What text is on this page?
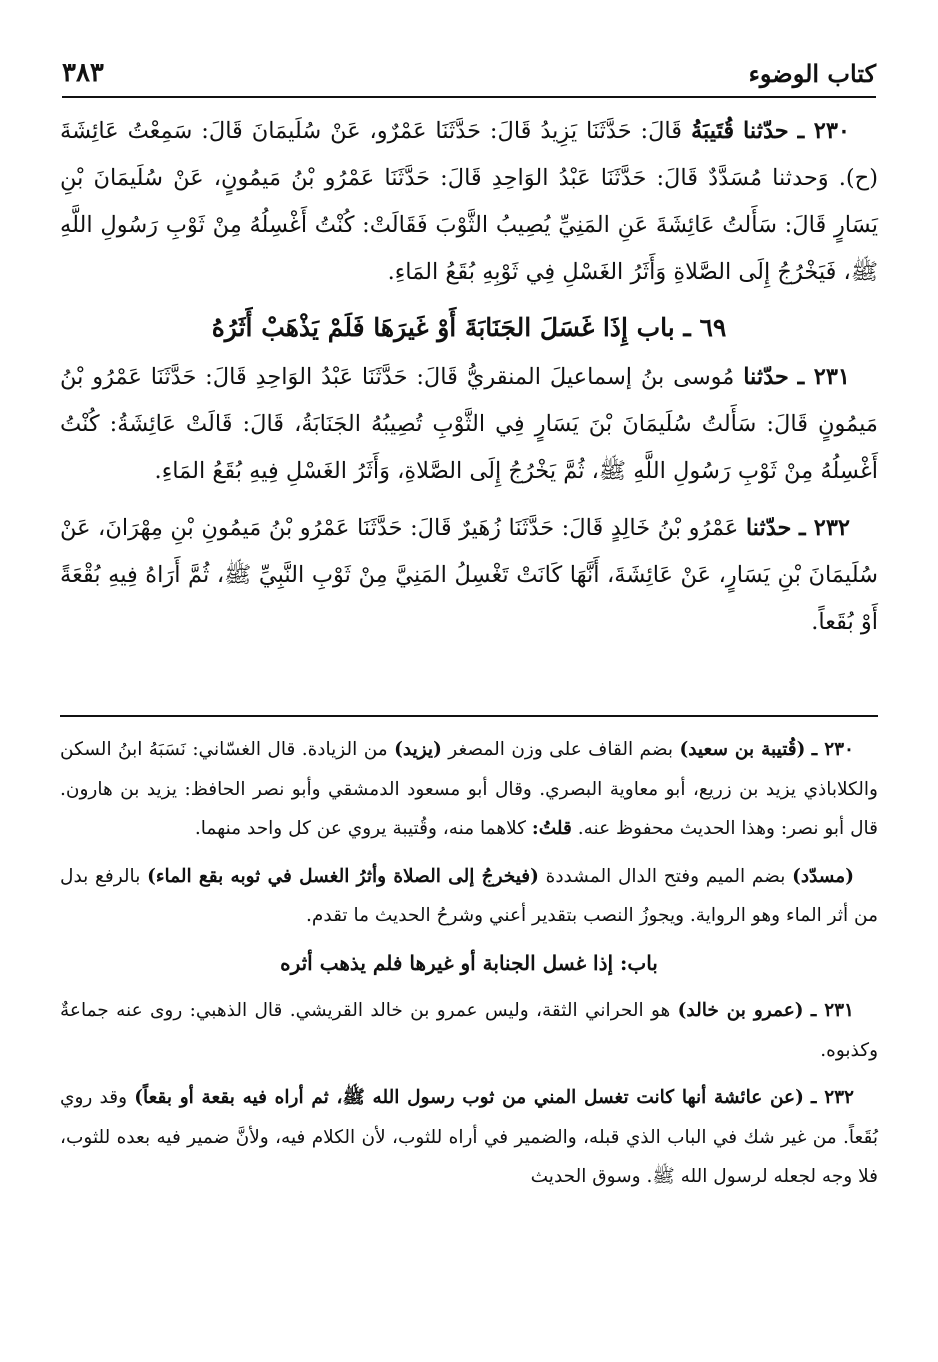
كتاب الوضوء
٣٨٣

٢٣٠ ـ حدّثنا قُتَيبَةُ قَالَ: حَدَّثَنَا يَزِيدُ قَالَ: حَدَّثَنَا عَمْرٌو، عَنْ سُلَيمَانَ قَالَ: سَمِعْتُ عَائِشَةَ (ح). وَحدثنا مُسَدَّدٌ قَالَ: حَدَّثَنَا عَبْدُ الوَاحِدِ قَالَ: حَدَّثَنَا عَمْرُو بْنُ مَيمُونٍ، عَنْ سُلَيمَانَ بْنِ يَسَارٍ قَالَ: سَأَلتُ عَائِشَةَ عَنِ المَنِيِّ يُصِيبُ الثَّوْبَ فَقَالَتْ: كُنْتُ أَغْسِلُهُ مِنْ ثَوْبِ رَسُولِ اللَّهِ ﷺ، فَيَخْرُجُ إِلَى الصَّلاةِ وَأَثَرُ الغَسْلِ فِي ثَوْبِهِ بُقَعُ المَاءِ.

٦٩ ـ باب إِذَا غَسَلَ الجَنَابَةَ أَوْ غَيرَهَا فَلَمْ يَذْهَبْ أَثَرُهُ

٢٣١ ـ حدّثنا مُوسى بنُ إسماعيلَ المنقريُّ قَالَ: حَدَّثَنَا عَبْدُ الوَاحِدِ قَالَ: حَدَّثَنَا عَمْرُو بْنُ مَيمُونٍ قَالَ: سَأَلتُ سُلَيمَانَ بْنَ يَسَارٍ فِي الثَّوْبِ تُصِيبُهُ الجَنَابَةُ، قَالَ: قَالَتْ عَائِشَةُ: كُنْتُ أَغْسِلُهُ مِنْ ثَوْبِ رَسُولِ اللَّهِ ﷺ، ثُمَّ يَخْرُجُ إِلَى الصَّلاةِ، وَأَثَرُ الغَسْلِ فِيهِ بُقَعُ المَاءِ.

٢٣٢ ـ حدّثنا عَمْرُو بْنُ خَالِدٍ قَالَ: حَدَّثَنَا زُهَيرٌ قَالَ: حَدَّثَنَا عَمْرُو بْنُ مَيمُونِ بْنِ مِهْرَانَ، عَنْ سُلَيمَانَ بْنِ يَسَارٍ، عَنْ عَائِشَةَ، أَنَّهَا كَانَتْ تَغْسِلُ المَنِيَّ مِنْ ثَوْبِ النَّبِيِّ ﷺ، ثُمَّ أَرَاهُ فِيهِ بُقْعَةً أَوْ بُقَعاً.

٢٣٠ ـ (قُتيبة بن سعيد) بضم القاف على وزن المصغر (يزيد) من الزيادة. قال الغسّاني: نَسَبَهُ ابنُ السكن والكلاباذي يزيد بن زريع، أبو معاوية البصري. وقال أبو مسعود الدمشقي وأبو نصر الحافظ: يزيد بن هارون. قال أبو نصر: وهذا الحديث محفوظ عنه. قلتُ: كلاهما منه، وقُتيبة يروي عن كل واحد منهما.

(مسدّد) بضم الميم وفتح الدال المشددة (فيخرجُ إلى الصلاة وأثرُ الغسل في ثوبه بقع الماء) بالرفع بدل من أثر الماء وهو الرواية. ويجوزُ النصب بتقدير أعني وشرحُ الحديث ما تقدم.

باب: إذا غسل الجنابة أو غيرها فلم يذهب أثره

٢٣١ ـ (عمرو بن خالد) هو الحراني الثقة، وليس عمرو بن خالد القريشي. قال الذهبي: روى عنه جماعةٌ وكذبوه.

٢٣٢ ـ (عن عائشة أنها كانت تغسل المني من ثوب رسول الله ﷺ، ثم أراه فيه بقعة أو بقعاً) وقد روي بُقَعاً. من غير شك في الباب الذي قبله، والضمير في أراه للثوب، لأن الكلام فيه، ولأنَّ ضمير فيه بعده للثوب، فلا وجه لجعله لرسول الله ﷺ. وسوق الحديث
